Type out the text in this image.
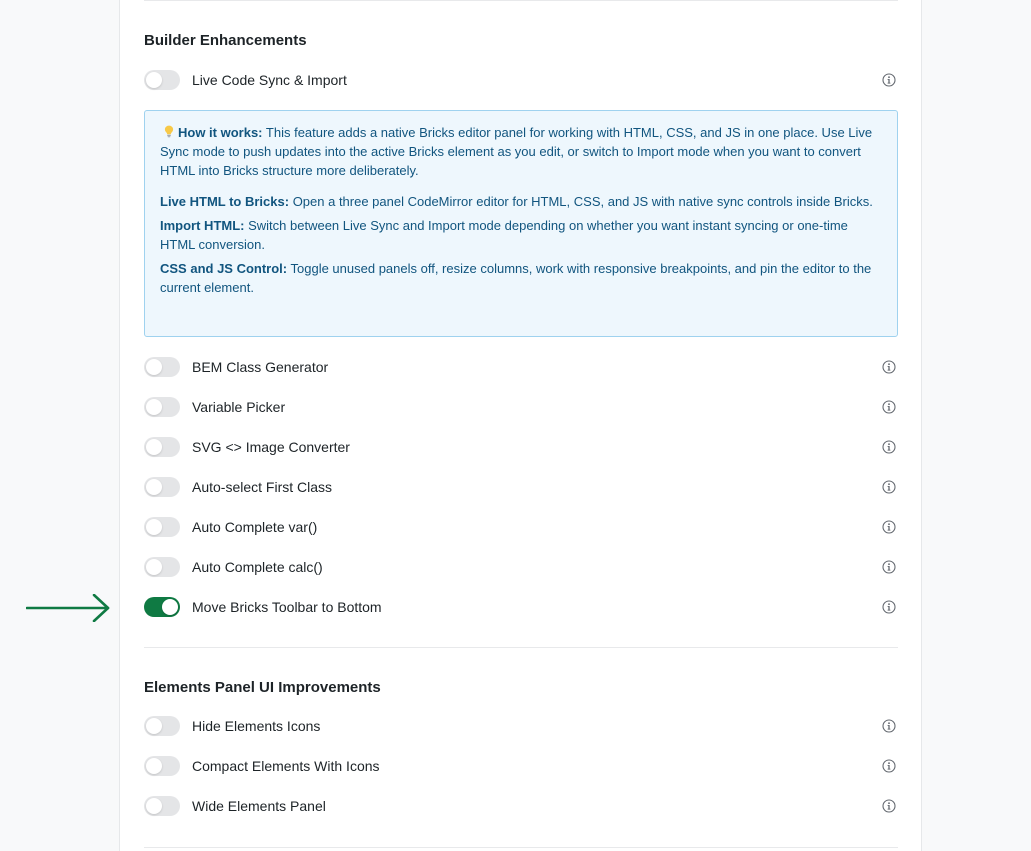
Builder Enhancements
Live Code Sync & Import

How it works: This feature adds a native Bricks editor panel for working with HTML, CSS, and JS in one place. Use Live Sync mode to push updates into the active Bricks element as you edit, or switch to Import mode when you want to convert HTML into Bricks structure more deliberately.

Live HTML to Bricks: Open a three panel CodeMirror editor for HTML, CSS, and JS with native sync controls inside Bricks.

Import HTML: Switch between Live Sync and Import mode depending on whether you want instant syncing or one-time HTML conversion.

CSS and JS Control: Toggle unused panels off, resize columns, work with responsive breakpoints, and pin the editor to the current element.

BEM Class Generator
Variable Picker
SVG <> Image Converter
Auto-select First Class
Auto Complete var()
Auto Complete calc()
Move Bricks Toolbar to Bottom
Elements Panel UI Improvements
Hide Elements Icons
Compact Elements With Icons
Wide Elements Panel
